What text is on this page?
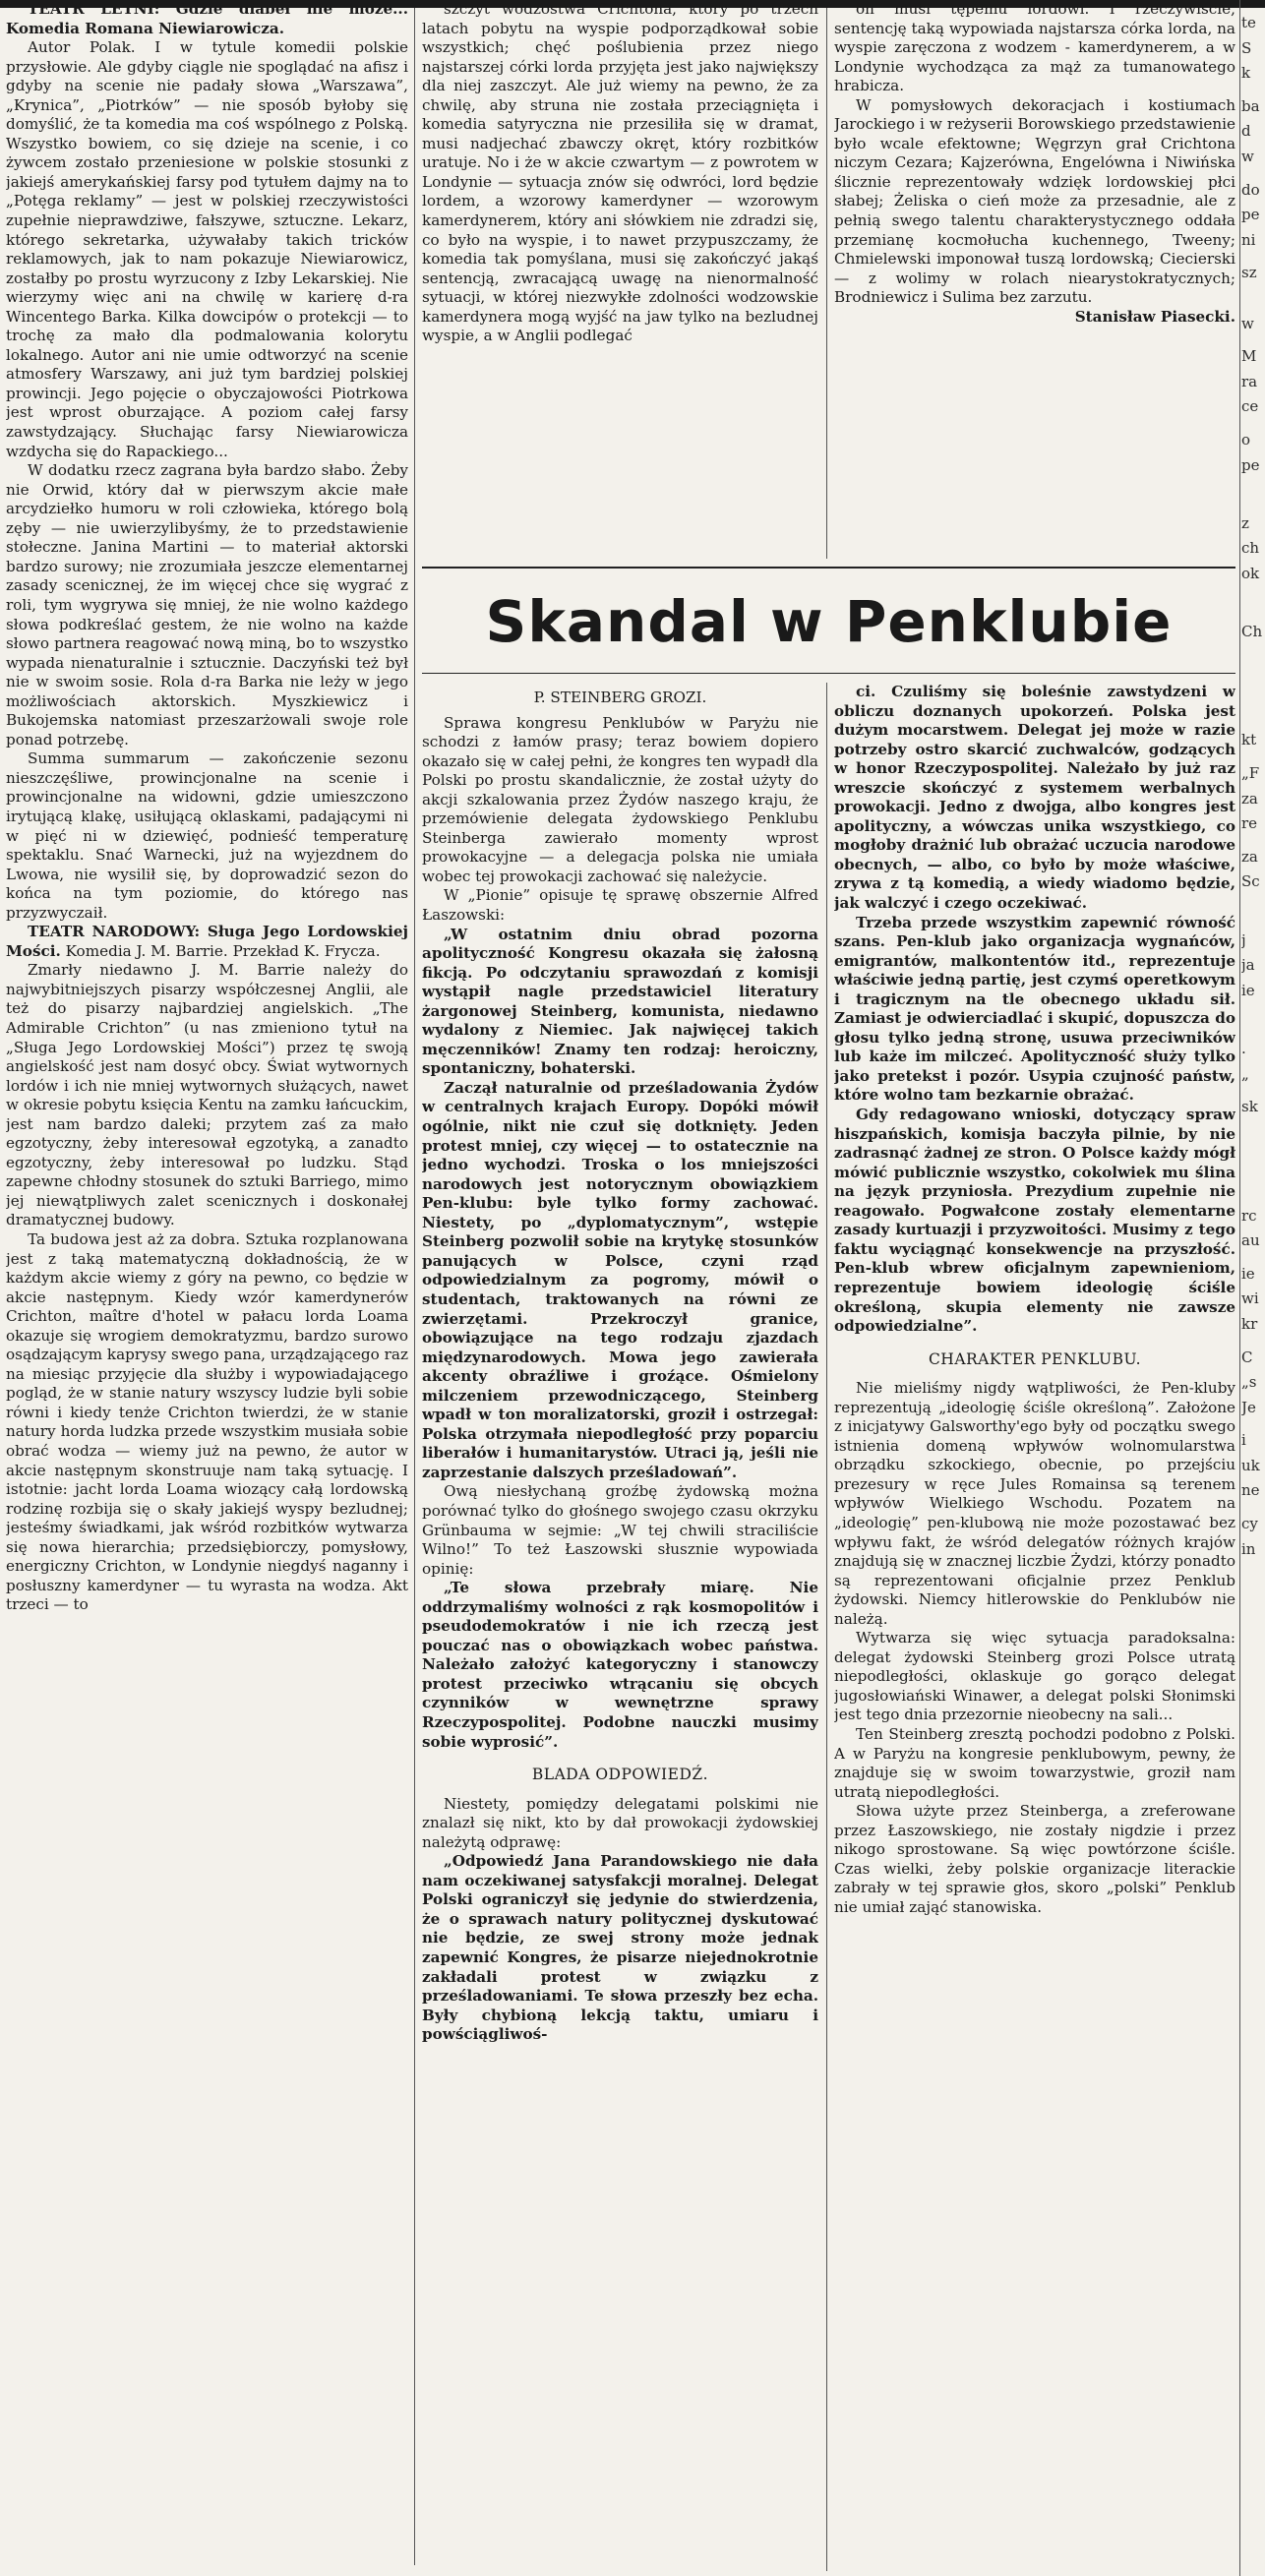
TEATR LETNI: Gdzie diabeł nie może... Komedia Romana Niewiarowicza.

Autor Polak. I w tytule komedii polskie przysłowie. Ale gdyby ciągle nie spoglądać na afisz i gdyby na scenie nie padały słowa „Warszawa”, „Krynica”, „Piotrków” — nie sposób byłoby się domyślić, że ta komedia ma coś wspólnego z Polską. Wszystko bowiem, co się dzieje na scenie, i co żywcem zostało przeniesione w polskie stosunki z jakiejś amerykańskiej farsy pod tytułem dajmy na to „Potęga reklamy” — jest w polskiej rzeczywistości zupełnie nieprawdziwe, fałszywe, sztuczne. Lekarz, którego sekretarka, używałaby takich tricków reklamowych, jak to nam pokazuje Niewiarowicz, zostałby po prostu wyrzucony z Izby Lekarskiej. Nie wierzymy więc ani na chwilę w karierę d-ra Wincentego Barka. Kilka dowcipów o protekcji — to trochę za mało dla podmalowania kolorytu lokalnego. Autor ani nie umie odtworzyć na scenie atmosfery Warszawy, ani już tym bardziej polskiej prowincji. Jego pojęcie o obyczajowości Piotrkowa jest wprost oburzające. A poziom całej farsy zawstydzający. Słuchając farsy Niewiarowicza wzdycha się do Rapackiego...

W dodatku rzecz zagrana była bardzo słabo. Żeby nie Orwid, który dał w pierwszym akcie małe arcydziełko humoru w roli człowieka, którego bolą zęby — nie uwierzylibyśmy, że to przedstawienie stołeczne. Janina Martini — to materiał aktorski bardzo surowy; nie zrozumiała jeszcze elementarnej zasady scenicznej, że im więcej chce się wygrać z roli, tym wygrywa się mniej, że nie wolno każdego słowa podkreślać gestem, że nie wolno na każde słowo partnera reagować nową miną, bo to wszystko wypada nienaturalnie i sztucznie. Daczyński też był nie w swoim sosie. Rola d-ra Barka nie leży w jego możliwościach aktorskich. Myszkiewicz i Bukojemska natomiast przeszarżowali swoje role ponad potrzebę.

Summa summarum — zakończenie sezonu nieszczęśliwe, prowincjonalne na scenie i prowincjonalne na widowni, gdzie umieszczono irytującą klakę, usiłującą oklaskami, padającymi ni w pięć ni w dziewięć, podnieść temperaturę spektaklu. Snać Warnecki, już na wyjezdnem do Lwowa, nie wysilił się, by doprowadzić sezon do końca na tym poziomie, do którego nas przyzwyczaił.

TEATR NARODOWY: Sługa Jego Lordowskiej Mości. Komedia J. M. Barrie. Przekład K. Frycza.

Zmarły niedawno J. M. Barrie należy do najwybitniejszych pisarzy współczesnej Anglii, ale też do pisarzy najbardziej angielskich. „The Admirable Crichton” (u nas zmieniono tytuł na „Sługa Jego Lordowskiej Mości”) przez tę swoją angielskość jest nam dosyć obcy. Świat wytwornych lordów i ich nie mniej wytwornych służących, nawet w okresie pobytu księcia Kentu na zamku łańcuckim, jest nam bardzo daleki; przytem zaś za mało egzotyczny, żeby interesował egzotyką, a zanadto egzotyczny, żeby interesował po ludzku. Stąd zapewne chłodny stosunek do sztuki Barriego, mimo jej niewątpliwych zalet scenicznych i doskonałej dramatycznej budowy.

Ta budowa jest aż za dobra. Sztuka rozplanowana jest z taką matematyczną dokładnością, że w każdym akcie wiemy z góry na pewno, co będzie w akcie następnym. Kiedy wzór kamerdynerów Crichton, maître d'hotel w pałacu lorda Loama okazuje się wrogiem demokratyzmu, bardzo surowo osądzającym kaprysy swego pana, urządzającego raz na miesiąc przyjęcie dla służby i wypowiadającego pogląd, że w stanie natury wszyscy ludzie byli sobie równi i kiedy tenże Crichton twierdzi, że w stanie natury horda ludzka przede wszystkim musiała sobie obrać wodza — wiemy już na pewno, że autor w akcie następnym skonstruuje nam taką sytuację. I istotnie: jacht lorda Loama wiozący całą lordowską rodzinę rozbija się o skały jakiejś wyspy bezludnej; jesteśmy świadkami, jak wśród rozbitków wytwarza się nowa hierarchia; przedsiębiorczy, pomysłowy, energiczny Crichton, w Londynie niegdyś naganny i posłuszny kamerdyner — tu wyrasta na wodza. Akt trzeci — to

szczyt wodzostwa Crichtona, który po trzech latach pobytu na wyspie podporządkował sobie wszystkich; chęć poślubienia przez niego najstarszej córki lorda przyjęta jest jako największy dla niej zaszczyt. Ale już wiemy na pewno, że za chwilę, aby struna nie została przeciągnięta i komedia satyryczna nie przesiliła się w dramat, musi nadjechać zbawczy okręt, który rozbitków uratuje. No i że w akcie czwartym — z powrotem w Londynie — sytuacja znów się odwróci, lord będzie lordem, a wzorowy kamerdyner — wzorowym kamerdynerem, który ani słówkiem nie zdradzi się, co było na wyspie, i to nawet przypuszczamy, że komedia tak pomyślana, musi się zakończyć jakąś sentencją, zwracającą uwagę na nienormalność sytuacji, w której niezwykłe zdolności wodzowskie kamerdynera mogą wyjść na jaw tylko na bezludnej wyspie, a w Anglii podlegać

on musi tępemu lordowi. I rzeczywiście, sentencję taką wypowiada najstarsza córka lorda, na wyspie zaręczona z wodzem - kamerdynerem, a w Londynie wychodząca za mąż za tumanowatego hrabicza.

W pomysłowych dekoracjach i kostiumach Jarockiego i w reżyserii Borowskiego przedstawienie było wcale efektowne; Węgrzyn grał Crichtona niczym Cezara; Kajzerówna, Engelówna i Niwińska ślicznie reprezentowały wdzięk lordowskiej płci słabej; Żeliska o cień może za przesadnie, ale z pełnią swego talentu charakterystycznego oddała przemianę kocmołucha kuchennego, Tweeny; Chmielewski imponował tuszą lordowską; Ciecierski — z wolimy w rolach niearystokratycznych; Brodniewicz i Sulima bez zarzutu.

Stanisław Piasecki.

Skandal w Penklubie

P. STEINBERG GROZI.

Sprawa kongresu Penklubów w Paryżu nie schodzi z łamów prasy; teraz bowiem dopiero okazało się w całej pełni, że kongres ten wypadł dla Polski po prostu skandalicznie, że został użyty do akcji szkalowania przez Żydów naszego kraju, że przemówienie delegata żydowskiego Penklubu Steinberga zawierało momenty wprost prowokacyjne — a delegacja polska nie umiała wobec tej prowokacji zachować się należycie.

W „Pionie” opisuje tę sprawę obszernie Alfred Łaszowski:

„W ostatnim dniu obrad pozorna apolityczność Kongresu okazała się żałosną fikcją. Po odczytaniu sprawozdań z komisji wystąpił nagle przedstawiciel literatury żargonowej Steinberg, komunista, niedawno wydalony z Niemiec. Jak najwięcej takich męczenników! Znamy ten rodzaj: heroiczny, spontaniczny, bohaterski.

Zaczął naturalnie od prześladowania Żydów w centralnych krajach Europy. Dopóki mówił ogólnie, nikt nie czuł się dotknięty. Jeden protest mniej, czy więcej — to ostatecznie na jedno wychodzi. Troska o los mniejszości narodowych jest notorycznym obowiązkiem Pen-klubu: byle tylko formy zachować. Niestety, po „dyplomatycznym”, wstępie Steinberg pozwolił sobie na krytykę stosunków panujących w Polsce, czyni rząd odpowiedzialnym za pogromy, mówił o studentach, traktowanych na równi ze zwierzętami. Przekroczył granice, obowiązujące na tego rodzaju zjazdach międzynarodowych. Mowa jego zawierała akcenty obraźliwe i groźące. Ośmielony milczeniem przewodniczącego, Steinberg wpadł w ton moralizatorski, groził i ostrzegał: Polska otrzymała niepodległość przy poparciu liberałów i humanitarystów. Utraci ją, jeśli nie zaprzestanie dalszych prześladowań”.

Ową niesłychaną groźbę żydowską można porównać tylko do głośnego swojego czasu okrzyku Grünbauma w sejmie: „W tej chwili straciliście Wilno!” To też Łaszowski słusznie wypowiada opinię:

„Te słowa przebrały miarę. Nie oddrzymaliśmy wolności z rąk kosmopolitów i pseudodemokratów i nie ich rzeczą jest pouczać nas o obowiązkach wobec państwa. Należało założyć kategoryczny i stanowczy protest przeciwko wtrącaniu się obcych czynników w wewnętrzne sprawy Rzeczypospolitej. Podobne nauczki musimy sobie wyprosić”.

BLADA ODPOWIEDŹ.

Niestety, pomiędzy delegatami polskimi nie znalazł się nikt, kto by dał prowokacji żydowskiej należytą odprawę:

„Odpowiedź Jana Parandowskiego nie dała nam oczekiwanej satysfakcji moralnej. Delegat Polski ograniczył się jedynie do stwierdzenia, że o sprawach natury politycznej dyskutować nie będzie, ze swej strony może jednak zapewnić Kongres, że pisarze niejednokrotnie zakładali protest w związku z prześladowaniami. Te słowa przeszły bez echa. Były chybioną lekcją taktu, umiaru i powściągliwoś-

ci. Czuliśmy się boleśnie zawstydzeni w obliczu doznanych upokorzeń. Polska jest dużym mocarstwem. Delegat jej może w razie potrzeby ostro skarcić zuchwalców, godzących w honor Rzeczypospolitej. Należało by już raz wreszcie skończyć z systemem werbalnych prowokacji. Jedno z dwojga, albo kongres jest apolityczny, a wówczas unika wszystkiego, co mogłoby drażnić lub obrażać uczucia narodowe obecnych, — albo, co było by może właściwe, zrywa z tą komedią, a wiedy wiadomo będzie, jak walczyć i czego oczekiwać.

Trzeba przede wszystkim zapewnić równość szans. Pen-klub jako organizacja wygnańców, emigrantów, malkontentów itd., reprezentuje właściwie jedną partię, jest czymś operetkowym i tragicznym na tle obecnego układu sił. Zamiast je odwierciadlać i skupić, dopuszcza do głosu tylko jedną stronę, usuwa przeciwników lub każe im milczeć. Apolityczność służy tylko jako pretekst i pozór. Usypia czujność państw, które wolno tam bezkarnie obrażać.

Gdy redagowano wnioski, dotyczący spraw hiszpańskich, komisja baczyła pilnie, by nie zadrasnąć żadnej ze stron. O Polsce każdy mógł mówić publicznie wszystko, cokolwiek mu ślina na język przyniosła. Prezydium zupełnie nie reagowało. Pogwałcone zostały elementarne zasady kurtuazji i przyzwoitości. Musimy z tego faktu wyciągnąć konsekwencje na przyszłość. Pen-klub wbrew oficjalnym zapewnieniom, reprezentuje bowiem ideologię ściśle określoną, skupia elementy nie zawsze odpowiedzialne”.

CHARAKTER PENKLUBU.

Nie mieliśmy nigdy wątpliwości, że Pen-kluby reprezentują „ideologię ściśle określoną”. Założone z inicjatywy Galsworthy'ego były od początku swego istnienia domeną wpływów wolnomularstwa obrządku szkockiego, obecnie, po przejściu prezesury w ręce Jules Romainsa są terenem wpływów Wielkiego Wschodu. Pozatem na „ideologię” pen-klubową nie może pozostawać bez wpływu fakt, że wśród delegatów różnych krajów znajdują się w znacznej liczbie Żydzi, którzy ponadto są reprezentowani oficjalnie przez Penklub żydowski. Niemcy hitlerowskie do Penklubów nie należą.

Wytwarza się więc sytuacja paradoksalna: delegat żydowski Steinberg grozi Polsce utratą niepodległości, oklaskuje go gorąco delegat jugosłowiański Winawer, a delegat polski Słonimski jest tego dnia przezornie nieobecny na sali...

Ten Steinberg zresztą pochodzi podobno z Polski. A w Paryżu na kongresie penklubowym, pewny, że znajduje się w swoim towarzystwie, groził nam utratą niepodległości.

Słowa użyte przez Steinberga, a zreferowane przez Łaszowskiego, nie zostały nigdzie i przez nikogo sprostowane. Są więc powtórzone ściśle. Czas wielki, żeby polskie organizacje literackie zabrały w tej sprawie głos, skoro „polski” Penklub nie umiał zająć stanowiska.

te
S
k
ba
d
w
do
pe
ni
sz

w
M
ra
ce
o
pe

z
ch
ok

Ch

kt
„F
za
re
za
Sc

j
ja
ie

.
„
sk

rc
au
ie
wi
kr
C
„s
Je
i
uk
ne
cy
in
